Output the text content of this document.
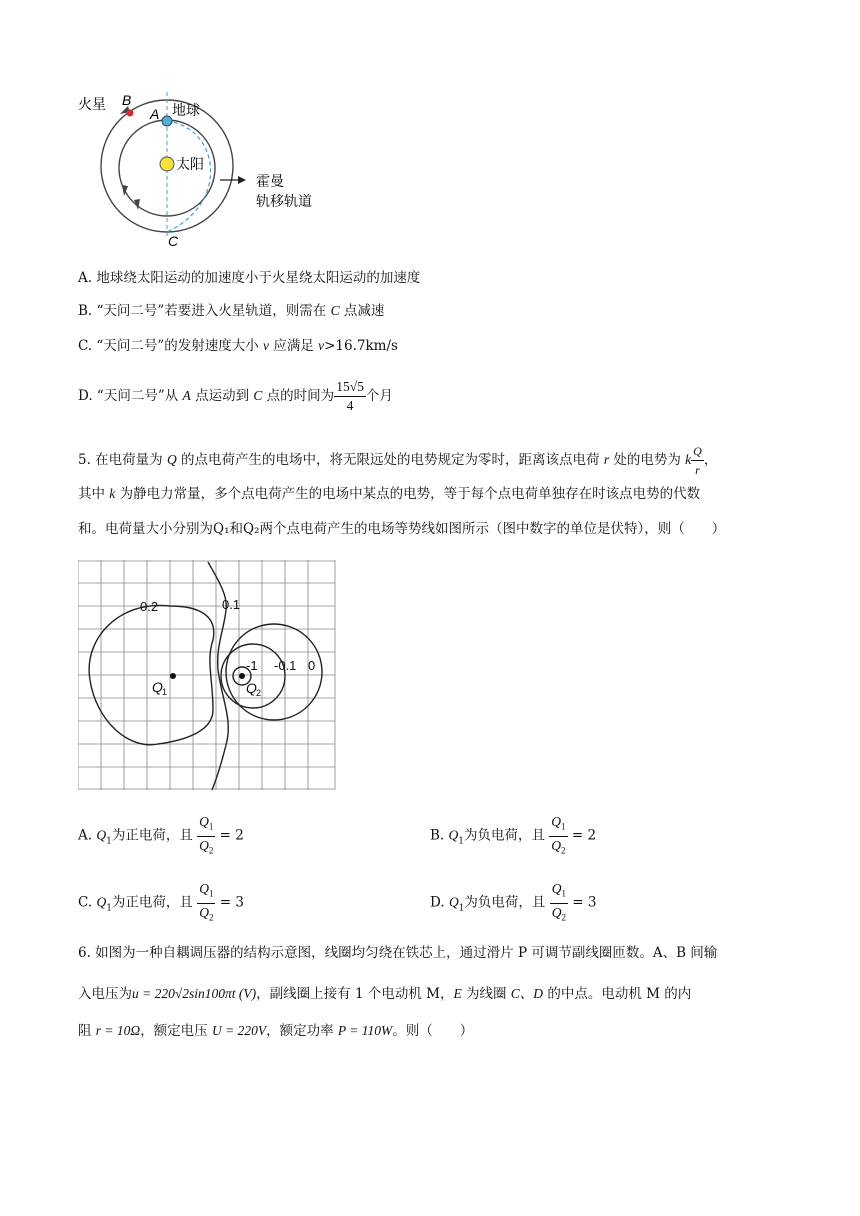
火星 B
A 地球
太阳
霍曼
轨移轨道
C
A. 地球绕太阳运动的加速度小于火星绕太阳运动的加速度
B. “天问二号”若要进入火星轨道，则需在 C 点减速
C. “天问二号”的发射速度大小 v 应满足 v>16.7km/s
D. “天问二号”从 A 点运动到 C 点的时间为 $\frac{15√5}{4}$ 个月
5. 在电荷量为 Q 的点电荷产生的电场中，将无限远处的电势规定为零时，距离该点电荷 r 处的电势为 k $\frac{Q}{r}$ ，
其中 k 为静电力常量，多个点电荷产生的电场中某点的电势，等于每个点电荷单独存在时该点电势的代数
和。电荷量大小分别为Q₁和Q₂两个点电荷产生的电场等势线如图所示（图中数字的单位是伏特），则（　　）
0.2	0.1
-1 -0.1 0
Q 1	Q 2
A. $Q_1$为正电荷，且 $\frac{Q_1}{Q_2} = 2$	B. $Q_1$为负电荷，且 $\frac{Q_1}{Q_2} = 2$
C. $Q_1$为正电荷，且 $\frac{Q_1}{Q_2} = 3$	D. $Q_1$为负电荷，且 $\frac{Q_1}{Q_2} = 3$
6. 如图为一种自耦调压器的结构示意图，线圈均匀绕在铁芯上，通过滑片 P 可调节副线圈匝数。A、B 间输
入电压为u = 220√2sin100πt (V)，副线圈上接有 1 个电动机 M，E 为线圈 C、D 的中点。电动机 M 的内
阻 r = 10Ω，额定电压 U = 220V，额定功率 P = 110W。则（　　）
